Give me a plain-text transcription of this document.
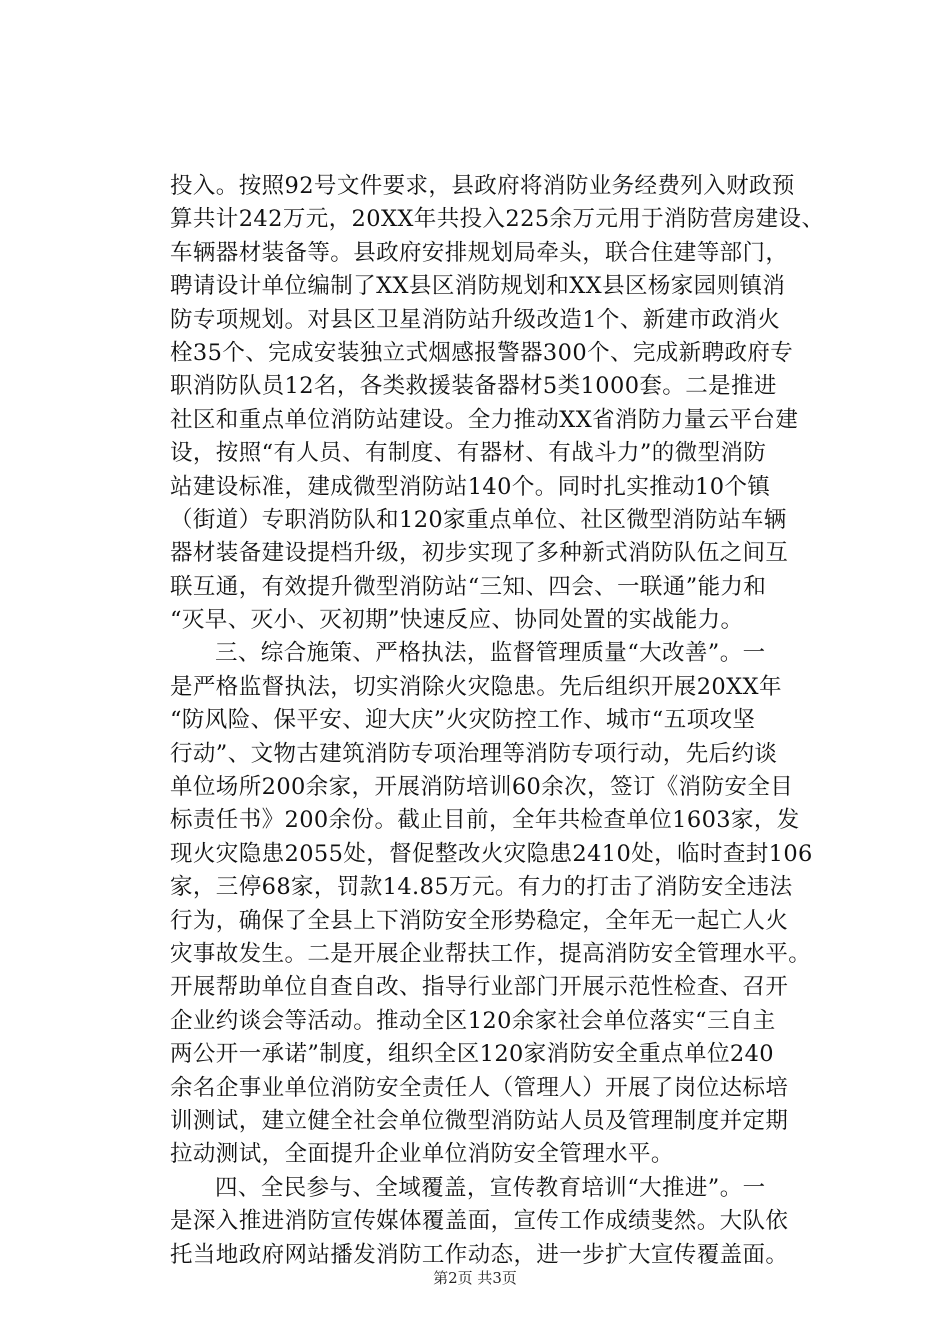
投入。按照92号文件要求，县政府将消防业务经费列入财政预
算共计242万元，20XX年共投入225余万元用于消防营房建设、
车辆器材装备等。县政府安排规划局牵头，联合住建等部门，
聘请设计单位编制了XX县区消防规划和XX县区杨家园则镇消
防专项规划。对县区卫星消防站升级改造1个、新建市政消火
栓35个、完成安装独立式烟感报警器300个、完成新聘政府专
职消防队员12名，各类救援装备器材5类1000套。二是推进
社区和重点单位消防站建设。全力推动XX省消防力量云平台建
设，按照“有人员、有制度、有器材、有战斗力”的微型消防
站建设标准，建成微型消防站140个。同时扎实推动10个镇
（街道）专职消防队和120家重点单位、社区微型消防站车辆
器材装备建设提档升级，初步实现了多种新式消防队伍之间互
联互通，有效提升微型消防站“三知、四会、一联通”能力和
“灭早、灭小、灭初期”快速反应、协同处置的实战能力。
三、综合施策、严格执法，监督管理质量“大改善”。一
是严格监督执法，切实消除火灾隐患。先后组织开展20XX年
“防风险、保平安、迎大庆”火灾防控工作、城市“五项攻坚
行动”、文物古建筑消防专项治理等消防专项行动，先后约谈
单位场所200余家，开展消防培训60余次，签订《消防安全目
标责任书》200余份。截止目前，全年共检查单位1603家，发
现火灾隐患2055处，督促整改火灾隐患2410处，临时查封106
家，三停68家，罚款14.85万元。有力的打击了消防安全违法
行为，确保了全县上下消防安全形势稳定，全年无一起亡人火
灾事故发生。二是开展企业帮扶工作，提高消防安全管理水平。
开展帮助单位自查自改、指导行业部门开展示范性检查、召开
企业约谈会等活动。推动全区120余家社会单位落实“三自主
两公开一承诺”制度，组织全区120家消防安全重点单位240
余名企事业单位消防安全责任人（管理人）开展了岗位达标培
训测试，建立健全社会单位微型消防站人员及管理制度并定期
拉动测试，全面提升企业单位消防安全管理水平。
四、全民参与、全域覆盖，宣传教育培训“大推进”。一
是深入推进消防宣传媒体覆盖面，宣传工作成绩斐然。大队依
托当地政府网站播发消防工作动态，进一步扩大宣传覆盖面。
第2页 共3页
